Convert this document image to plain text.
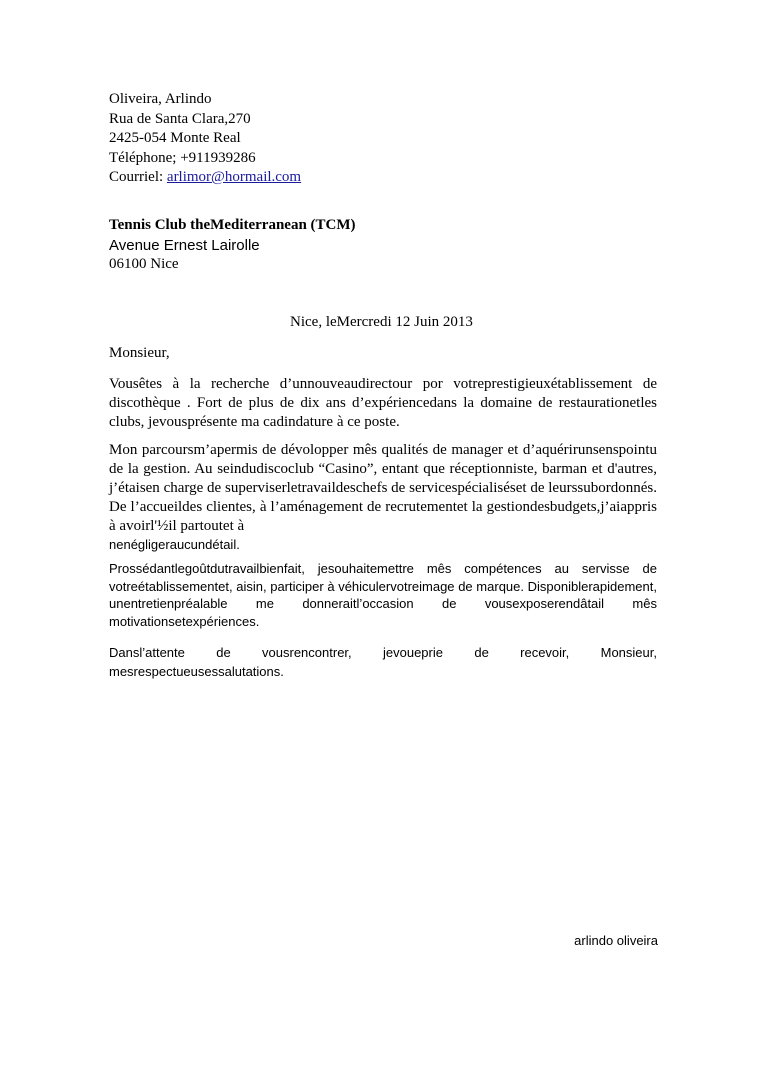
Oliveira, Arlindo
Rua de Santa Clara,270
2425-054 Monte Real
Téléphone; +911939286
Courriel: arlimor@hormail.com
Tennis Club theMediterranean (TCM)
Avenue Ernest Lairolle
06100 Nice
Nice, leMercredi 12 Juin 2013
Monsieur,
Vousêtes à la recherche d’unnouveaudirectour por votreprestigieuxétablissement de discothèque . Fort de plus de dix ans d’expériencedans la domaine de restaurationetles clubs, jevousprésente ma cadindature à ce poste.
Mon parcoursm’apermis de dévolopper mês qualités de manager et d’aquérirunsenspointu de la gestion. Au seindudiscoclub “Casino”, entant que réceptionniste, barman et d'autres, j’étaisen charge de superviserletravaildeschefs de servicespécialiséset de leurssubordonnés. De l’accueildes clientes, à l’aménagement de recrutementet la gestiondesbudgets,j’aiappris à avoirl'½il partoutet à
nenégligeraucundétail.
Prossédantlegoûtdutravailbienfait, jesouhaitemettre mês compétences au servisse de votreétablissementet, aisin, participer à véhiculervotreimage de marque. Disponiblerapidement, unentretienpréalable me donneraitl’occasion de vousexposerendâtail mês motivationsetexpériences.
Dansl’attente de vousrencontrer, jevoueprie de recevoir, Monsieur, mesrespectueusessalutations.
arlindo oliveira
